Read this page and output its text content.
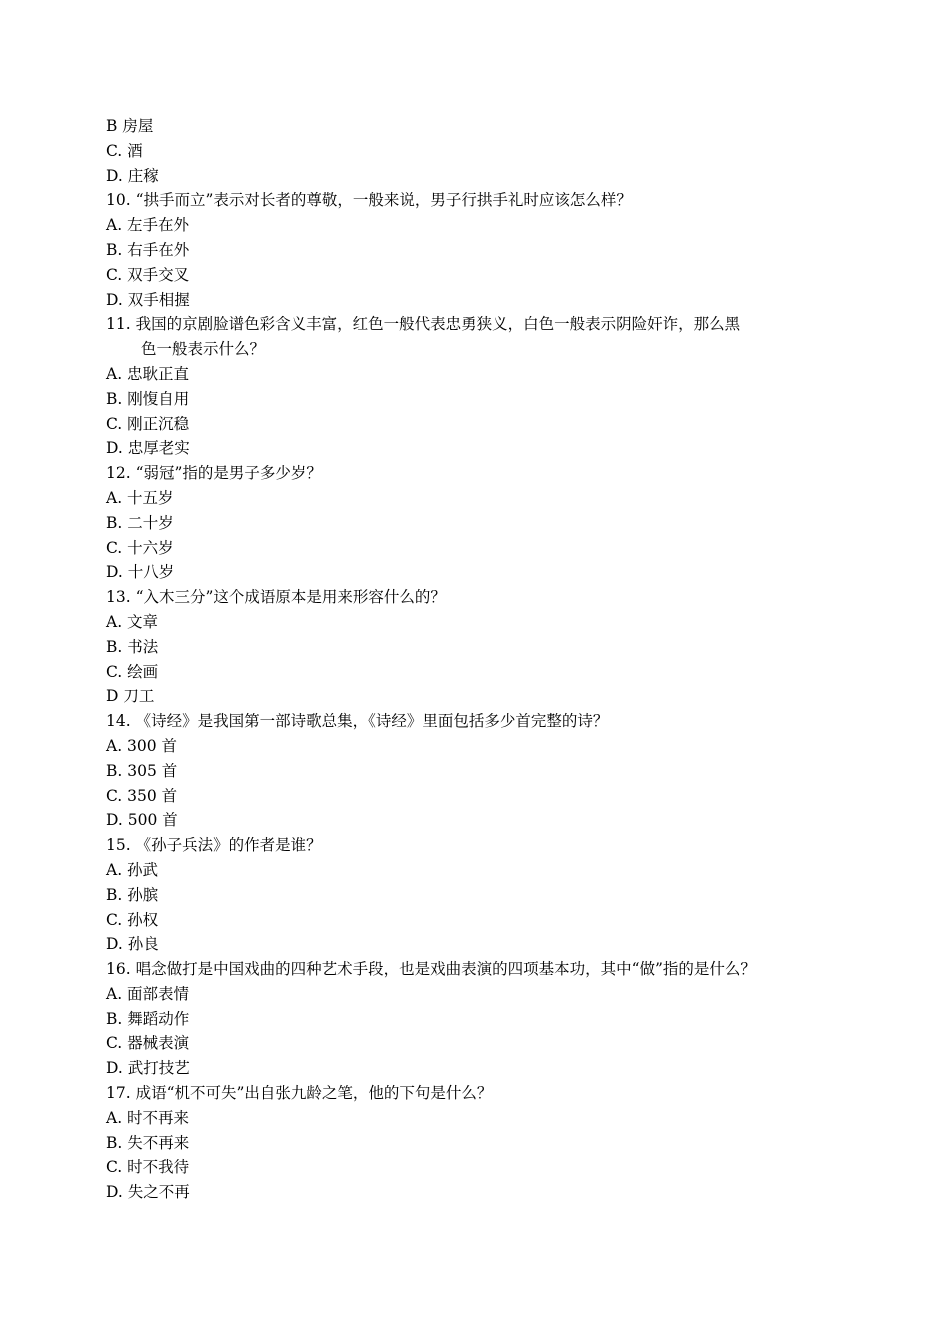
B 房屋
C. 酒
D. 庄稼
10. “拱手而立”表示对长者的尊敬，一般来说，男子行拱手礼时应该怎么样？
A. 左手在外
B. 右手在外
C. 双手交叉
D. 双手相握
11. 我国的京剧脸谱色彩含义丰富，红色一般代表忠勇狭义，白色一般表示阴险奸诈，那么黑
色一般表示什么？
A. 忠耿正直
B. 刚愎自用
C. 刚正沉稳
D. 忠厚老实
12. “弱冠”指的是男子多少岁？
A. 十五岁
B. 二十岁
C. 十六岁
D. 十八岁
13. “入木三分”这个成语原本是用来形容什么的？
A. 文章
B. 书法
C. 绘画
D 刀工
14. 《诗经》是我国第一部诗歌总集，《诗经》里面包括多少首完整的诗？
A. 300 首
B. 305 首
C. 350 首
D. 500 首
15. 《孙子兵法》的作者是谁？
A. 孙武
B. 孙膑
C. 孙权
D. 孙良
16. 唱念做打是中国戏曲的四种艺术手段，也是戏曲表演的四项基本功，其中“做”指的是什么？
A. 面部表情
B. 舞蹈动作
C. 器械表演
D. 武打技艺
17. 成语“机不可失”出自张九龄之笔，他的下句是什么？
A. 时不再来
B. 失不再来
C. 时不我待
D. 失之不再
